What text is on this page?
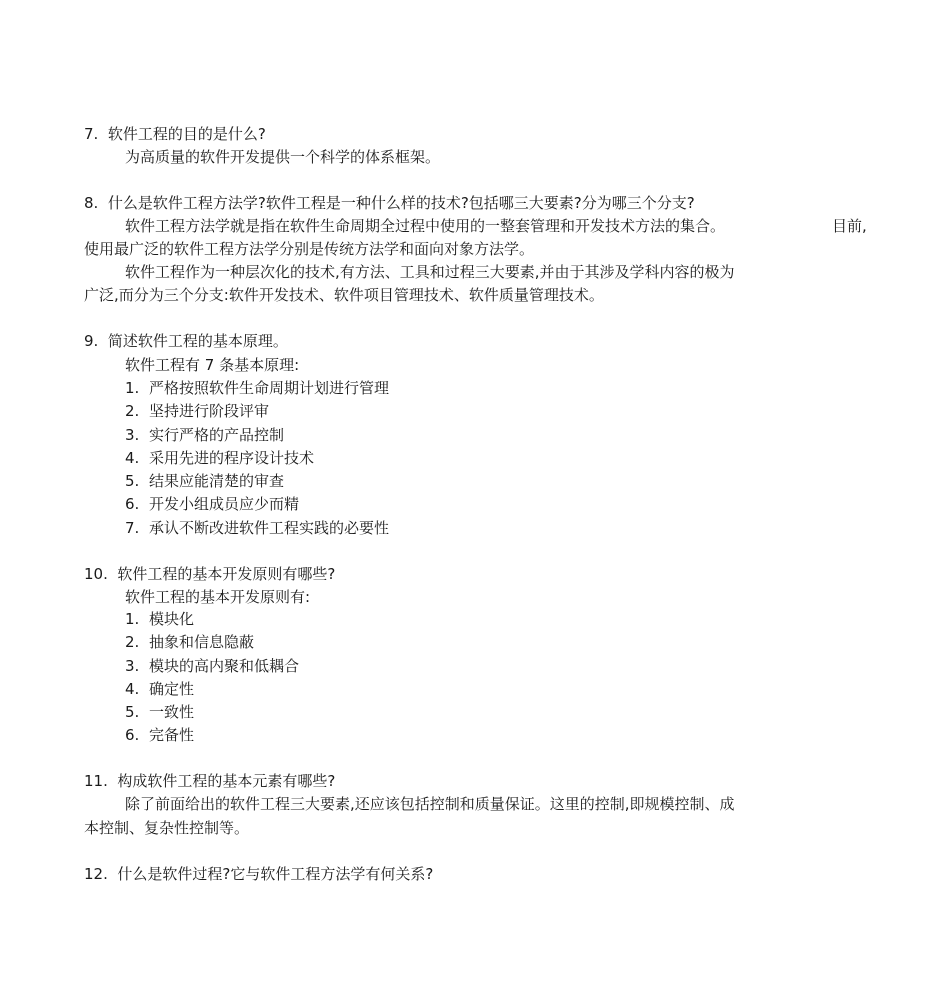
7. 软件工程的目的是什么?
为高质量的软件开发提供一个科学的体系框架。
8. 什么是软件工程方法学?软件工程是一种什么样的技术?包括哪三大要素?分为哪三个分支?
软件工程方法学就是指在软件生命周期全过程中使用的一整套管理和开发技术方法的集合。	目前,
使用最广泛的软件工程方法学分别是传统方法学和面向对象方法学。
软件工程作为一种层次化的技术,有方法、工具和过程三大要素,并由于其涉及学科内容的极为
广泛,而分为三个分支:软件开发技术、软件项目管理技术、软件质量管理技术。
9. 简述软件工程的基本原理。
软件工程有 7 条基本原理:
1. 严格按照软件生命周期计划进行管理
2. 坚持进行阶段评审
3. 实行严格的产品控制
4. 采用先进的程序设计技术
5. 结果应能清楚的审查
6. 开发小组成员应少而精
7. 承认不断改进软件工程实践的必要性
10. 软件工程的基本开发原则有哪些?
软件工程的基本开发原则有:
1. 模块化
2. 抽象和信息隐蔽
3. 模块的高内聚和低耦合
4. 确定性
5. 一致性
6. 完备性
11. 构成软件工程的基本元素有哪些?
除了前面给出的软件工程三大要素,还应该包括控制和质量保证。这里的控制,即规模控制、成
本控制、复杂性控制等。
12. 什么是软件过程?它与软件工程方法学有何关系?
